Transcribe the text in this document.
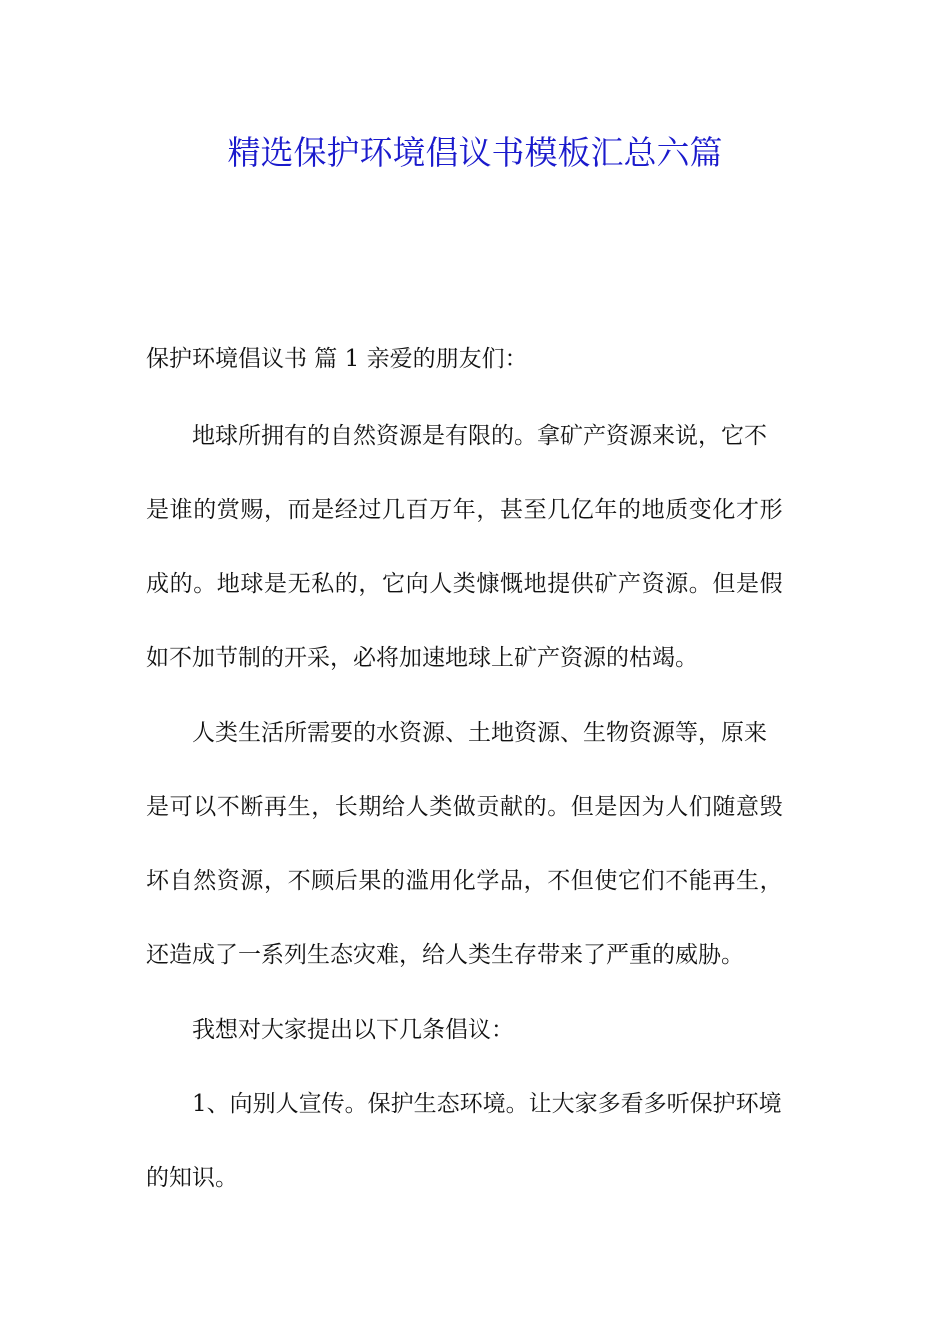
精选保护环境倡议书模板汇总六篇
保护环境倡议书 篇 1 亲爱的朋友们：
地球所拥有的自然资源是有限的。拿矿产资源来说，它不
是谁的赏赐，而是经过几百万年，甚至几亿年的地质变化才形
成的。地球是无私的，它向人类慷慨地提供矿产资源。但是假
如不加节制的开采，必将加速地球上矿产资源的枯竭。
人类生活所需要的水资源、土地资源、生物资源等，原来
是可以不断再生，长期给人类做贡献的。但是因为人们随意毁
坏自然资源，不顾后果的滥用化学品，不但使它们不能再生，
还造成了一系列生态灾难，给人类生存带来了严重的威胁。
我想对大家提出以下几条倡议：
1、向别人宣传。保护生态环境。让大家多看多听保护环境
的知识。
